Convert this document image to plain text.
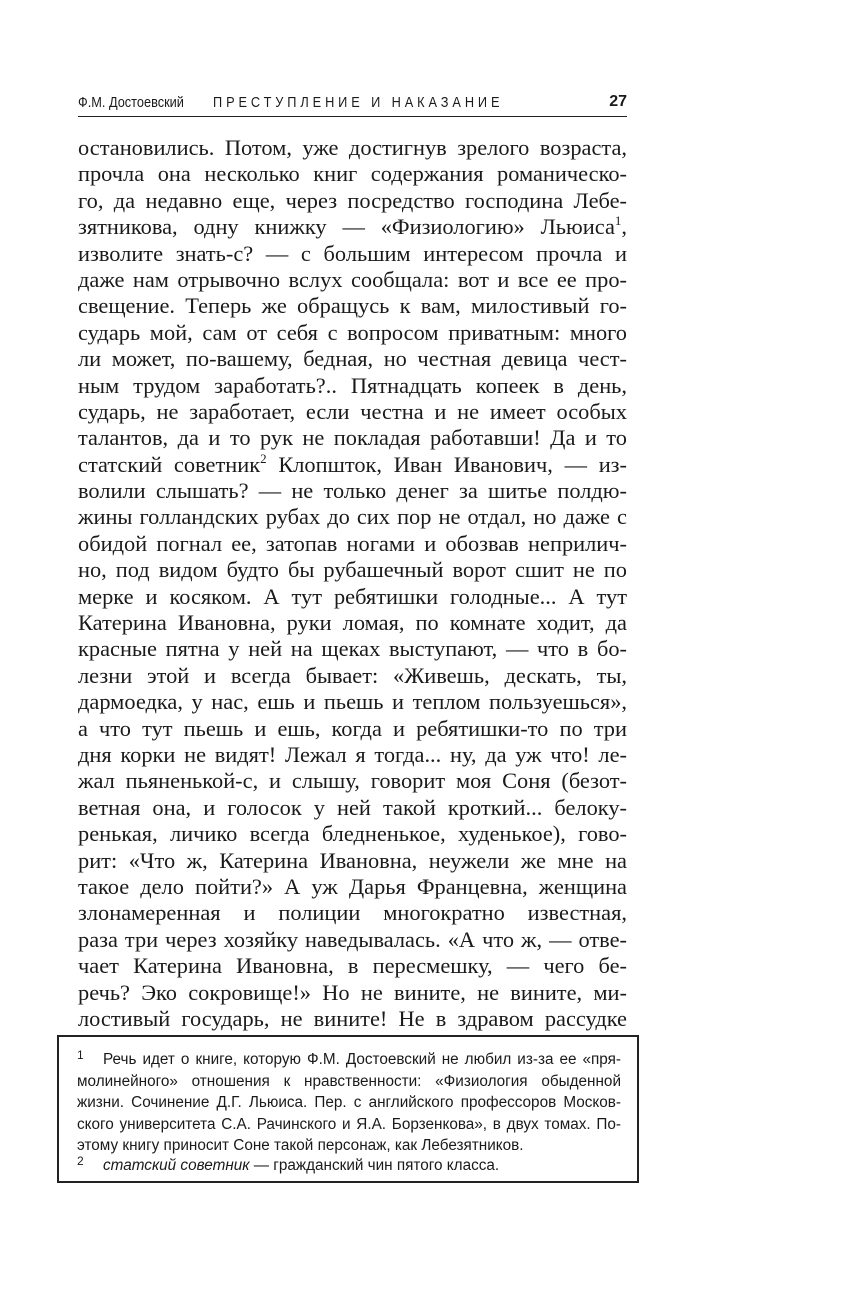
Ф.М. Достоевский ПРЕСТУПЛЕНИЕ И НАКАЗАНИЕ	27
остановились. Потом, уже достигнув зрелого возраста,
прочла она несколько книг содержания романическо-
го, да недавно еще, через посредство господина Лебе-
зятникова, одну книжку — «Физиологию» Льюиса$^1$,
изволите знать-с? — с большим интересом прочла и
даже нам отрывочно вслух сообщала: вот и все ее про-
свещение. Теперь же обращусь к вам, милостивый го-
сударь мой, сам от себя с вопросом приватным: много
ли может, по-вашему, бедная, но честная девица чест-
ным трудом заработать?.. Пятнадцать копеек в день,
сударь, не заработает, если честна и не имеет особых
талантов, да и то рук не покладая работавши! Да и то
статский советник$^2$ Клопшток, Иван Иванович, — из-
волили слышать? — не только денег за шитье полдю-
жины голландских рубах до сих пор не отдал, но даже с
обидой погнал ее, затопав ногами и обозвав неприлич-
но, под видом будто бы рубашечный ворот сшит не по
мерке и косяком. А тут ребятишки голодные... А тут
Катерина Ивановна, руки ломая, по комнате ходит, да
красные пятна у ней на щеках выступают, — что в бо-
лезни этой и всегда бывает: «Живешь, дескать, ты,
дармоедка, у нас, ешь и пьешь и теплом пользуешься»,
а что тут пьешь и ешь, когда и ребятишки-то по три
дня корки не видят! Лежал я тогда... ну, да уж что! ле-
жал пьяненькой-с, и слышу, говорит моя Соня (безот-
ветная она, и голосок у ней такой кроткий... белоку-
ренькая, личико всегда бледненькое, худенькое), гово-
рит: «Что ж, Катерина Ивановна, неужели же мне на
такое дело пойти?» А уж Дарья Францевна, женщина
злонамеренная и полиции многократно известная,
раза три через хозяйку наведывалась. «А что ж, — отве-
чает Катерина Ивановна, в пересмешку, — чего бе-
речь? Эко сокровище!» Но не вините, не вините, ми-
лостивый государь, не вините! Не в здравом рассудке
1 Речь идет о книге, которую Ф.М. Достоевский не любил из-за ее «пря-
молинейного» отношения к нравственности: «Физиология обыденной
жизни. Сочинение Д.Г. Льюиса. Пер. с английского профессоров Москов-
ского университета С.А. Рачинского и Я.А. Борзенкова», в двух томах. По-
этому книгу приносит Соне такой персонаж, как Лебезятников.
2 статский советник — гражданский чин пятого класса.
